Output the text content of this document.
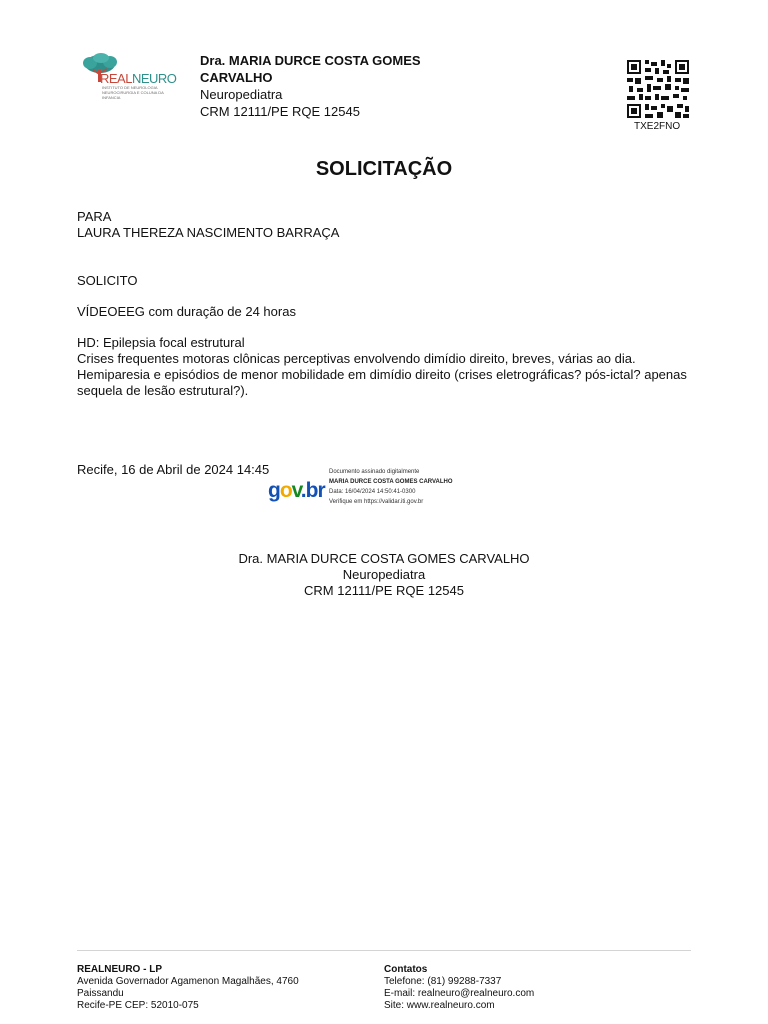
REALNEURO
INSTITUTO DE NEUROLOGIA NEUROCIRURGIA E COLUNA DA INFANCIA
Dra. MARIA DURCE COSTA GOMES CARVALHO
Neuropediatra
CRM 12111/PE RQE 12545
TXE2FNO
SOLICITAÇÃO
PARA
LAURA THEREZA NASCIMENTO BARRAÇA
SOLICITO
VÍDEOEEG com duração de 24 horas
HD: Epilepsia focal estrutural
Crises frequentes motoras clônicas perceptivas envolvendo dimídio direito, breves, várias ao dia.
Hemiparesia e episódios de menor mobilidade em dimídio direito (crises eletrográficas? pós-ictal? apenas sequela de lesão estrutural?).
Recife, 16 de Abril de 2024 14:45
gov.br
Documento assinado digitalmente
MARIA DURCE COSTA GOMES CARVALHO
Data: 16/04/2024 14:50:41-0300
Verifique em https://validar.iti.gov.br
Dra. MARIA DURCE COSTA GOMES CARVALHO
Neuropediatra
CRM 12111/PE RQE 12545
REALNEURO - LP
Avenida Governador Agamenon Magalhães, 4760
Paissandu
Recife-PE CEP: 52010-075
Contatos
Telefone: (81) 99288-7337
E-mail: realneuro@realneuro.com
Site: www.realneuro.com
